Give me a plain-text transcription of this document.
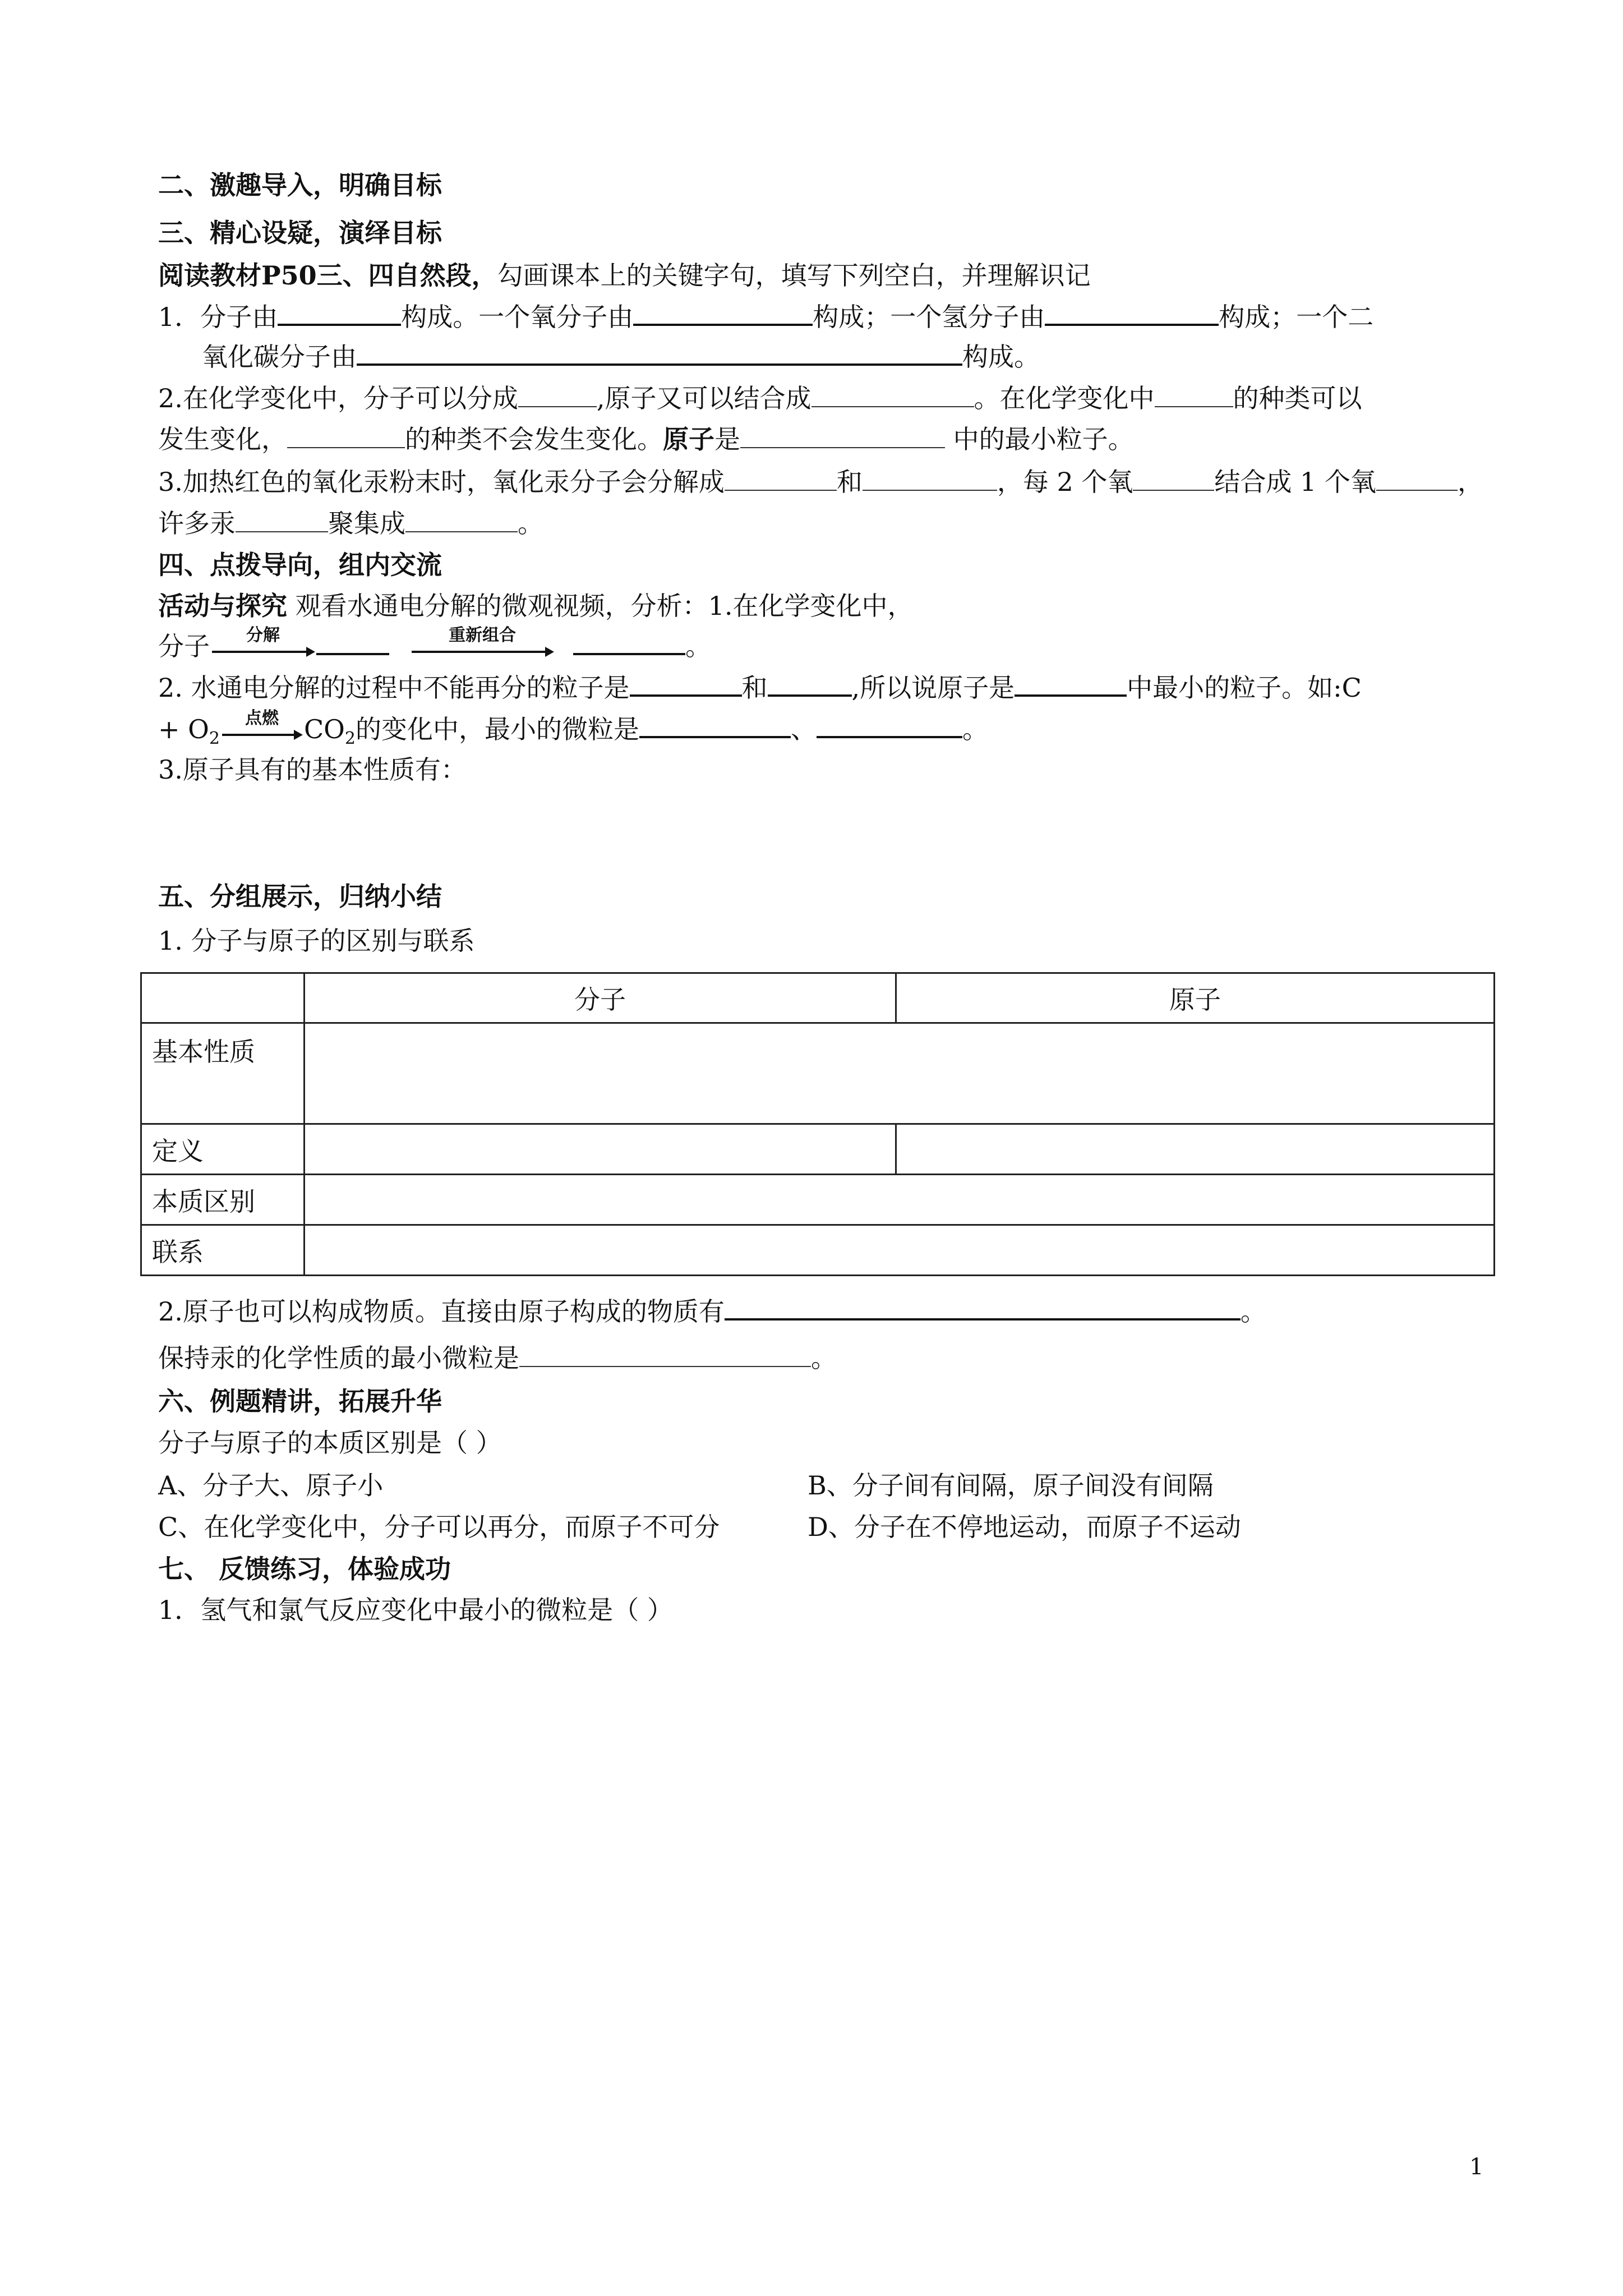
二、激趣导入，明确目标
三、精心设疑，演绎目标
阅读教材P50三、四自然段，勾画课本上的关键字句，填写下列空白，并理解识记
1．分子由	构成。一个氧分子由	构成；一个氢分子由	构成；一个二
氧化碳分子由	构成。
2.在化学变化中，分子可以分成	,原子又可以结合成	。在化学变化中	的种类可以
发生变化，	的种类不会发生变化。原子是	中的最小粒子。
3.加热红色的氧化汞粉末时，氧化汞分子会分解成	和	，每 2 个氧	结合成 1 个氧	，
许多汞	聚集成	。
四、点拨导向，组内交流
活动与探究 观看水通电分解的微观视频，分析：1.在化学变化中，
分子	分解	重新组合	。
2. 水通电分解的过程中不能再分的粒子是	和	,所以说原子是	中最小的粒子。如:C
+ $O_2$
点燃 $CO_2$的变化中，最小的微粒是	、	。
3.原子具有的基本性质有：
五、分组展示，归纳小结
1. 分子与原子的区别与联系
	分子	原子
基本性质		
定义		
本质区别		
联系		
2.原子也可以构成物质。直接由原子构成的物质有	。
保持汞的化学性质的最小微粒是	。
六、例题精讲，拓展升华
分子与原子的本质区别是（ ）
A、分子大、原子小	B、分子间有间隔，原子间没有间隔
C、在化学变化中，分子可以再分，而原子不可分	D、分子在不停地运动，而原子不运动
七、 反馈练习，体验成功
1．氢气和氯气反应变化中最小的微粒是（ ）
1
